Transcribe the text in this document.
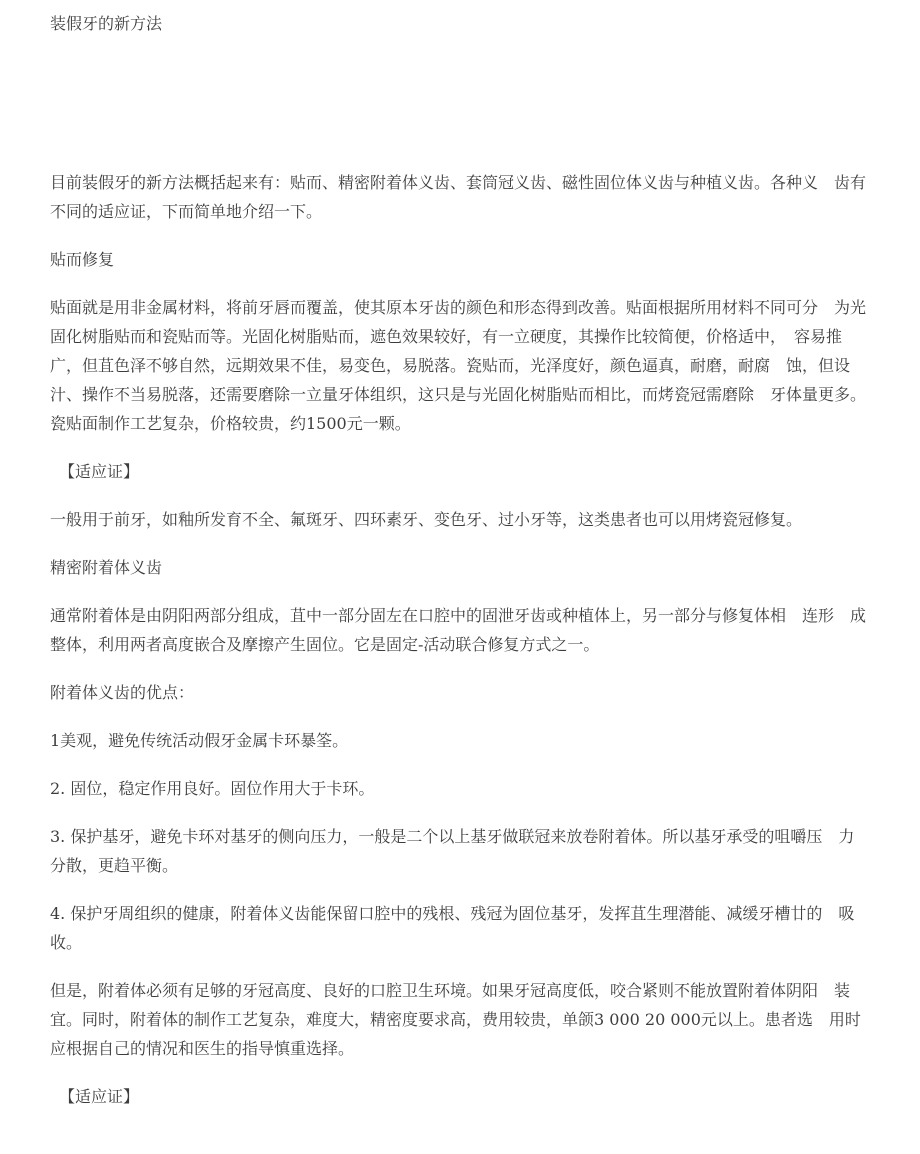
装假牙的新方法

目前装假牙的新方法概括起来有：贴而、精密附着体义齿、套筒冠义齿、磁性固位体义齿与种植义齿。各种义　齿有不同的适应证，下而简单地介绍一下。

贴而修复

贴面就是用非金属材料，将前牙唇而覆盖，使其原本牙齿的颜色和形态得到改善。贴面根据所用材料不同可分　为光固化树脂贴而和瓷贴而等。光固化树脂贴而，遮色效果较好，有一立硬度，其操作比较简便，价格适中，　容易推广，但苴色泽不够自然，远期效果不佳，易变色，易脱落。瓷贴而，光泽度好，颜色逼真，耐磨，耐腐　蚀，但设汁、操作不当易脱落，还需要磨除一立量牙体组织，这只是与光固化树脂贴而相比，而烤瓷冠需磨除　牙体量更多。瓷贴面制作工艺复杂，价格较贵，约1500元一颗。

【适应证】

一般用于前牙，如釉所发育不全、氟斑牙、四环素牙、变色牙、过小牙等，这类患者也可以用烤瓷冠修复。

精密附着体义齿

通常附着体是由阴阳两部分组成，苴中一部分固左在口腔中的固泄牙齿或种植体上，另一部分与修复体相　连形　成整体，利用两者高度嵌合及摩擦产生固位。它是固定-活动联合修复方式之一。

附着体义齿的优点：

1美观，避免传统活动假牙金属卡环暴筌。

2. 固位，稳定作用良好。固位作用大于卡环。

3. 保护基牙，避免卡环对基牙的侧向压力，一般是二个以上基牙做联冠来放卷附着体。所以基牙承受的咀嚼压　力分散，更趋平衡。

4. 保护牙周组织的健康，附着体义齿能保留口腔中的残根、残冠为固位基牙，发挥苴生理潜能、减缓牙槽廿的　吸收。

但是，附着体必须有足够的牙冠高度、良好的口腔卫生环境。如果牙冠高度低，咬合紧则不能放置附着体阴阳　装宜。同时，附着体的制作工艺复杂，难度大，精密度要求高，费用较贵，单颌3 000 20 000元以上。患者选　用时应根据自己的情况和医生的指导慎重选择。

【适应证】
